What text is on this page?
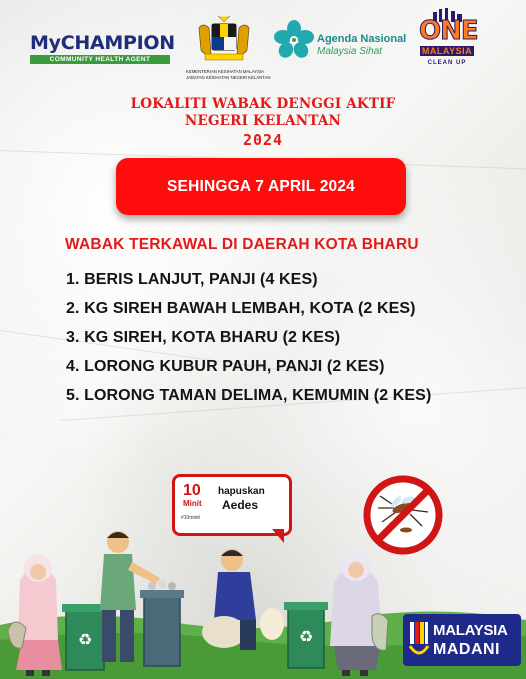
MyCHAMPION
COMMUNITY HEALTH AGENT
KEMENTERIAN KESIHATAN MALAYSIA
JABATAN KESIHATAN NEGERI KELANTAN
Agenda Nasional
Malaysia Sihat
ONE
MALAYSIA
CLEAN UP
LOKALITI WABAK DENGGI AKTIF
NEGERI KELANTAN
2024
SEHINGGA 7 APRIL 2024
WABAK TERKAWAL DI DAERAH KOTA BHARU
1. BERIS LANJUT, PANJI (4 KES)
2. KG SIREH BAWAH LEMBAH, KOTA (2 KES)
3. KG SIREH, KOTA BHARU (2 KES)
4. LORONG KUBUR PAUH, PANJI (2 KES)
5. LORONG TAMAN DELIMA, KEMUMIN (2 KES)
10
Minit
hapuskan
Aedes
#10minit
♻	♻	MALAYSIA
MADANI
